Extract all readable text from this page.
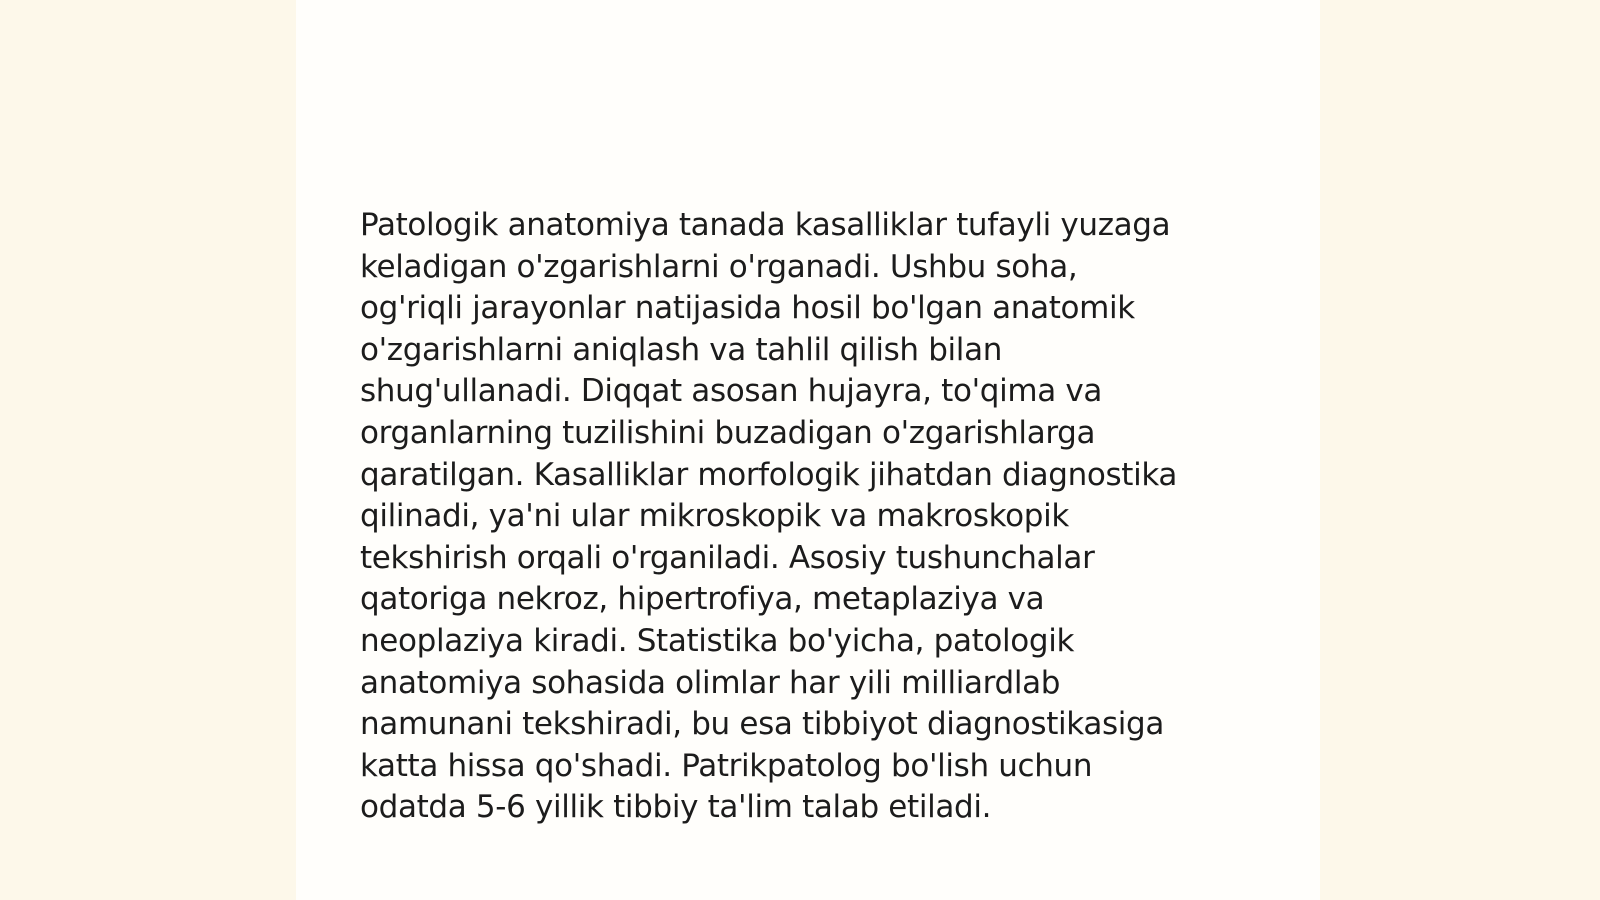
Patologik anatomiya tanada kasalliklar tufayli yuzaga
keladigan o'zgarishlarni o'rganadi. Ushbu soha,
og'riqli jarayonlar natijasida hosil bo'lgan anatomik
o'zgarishlarni aniqlash va tahlil qilish bilan
shug'ullanadi. Diqqat asosan hujayra, to'qima va
organlarning tuzilishini buzadigan o'zgarishlarga
qaratilgan. Kasalliklar morfologik jihatdan diagnostika
qilinadi, ya'ni ular mikroskopik va makroskopik
tekshirish orqali o'rganiladi. Asosiy tushunchalar
qatoriga nekroz, hipertrofiya, metaplaziya va
neoplaziya kiradi. Statistika bo'yicha, patologik
anatomiya sohasida olimlar har yili milliardlab
namunani tekshiradi, bu esa tibbiyot diagnostikasiga
katta hissa qo'shadi. Patrikpatolog bo'lish uchun
odatda 5-6 yillik tibbiy ta'lim talab etiladi.
